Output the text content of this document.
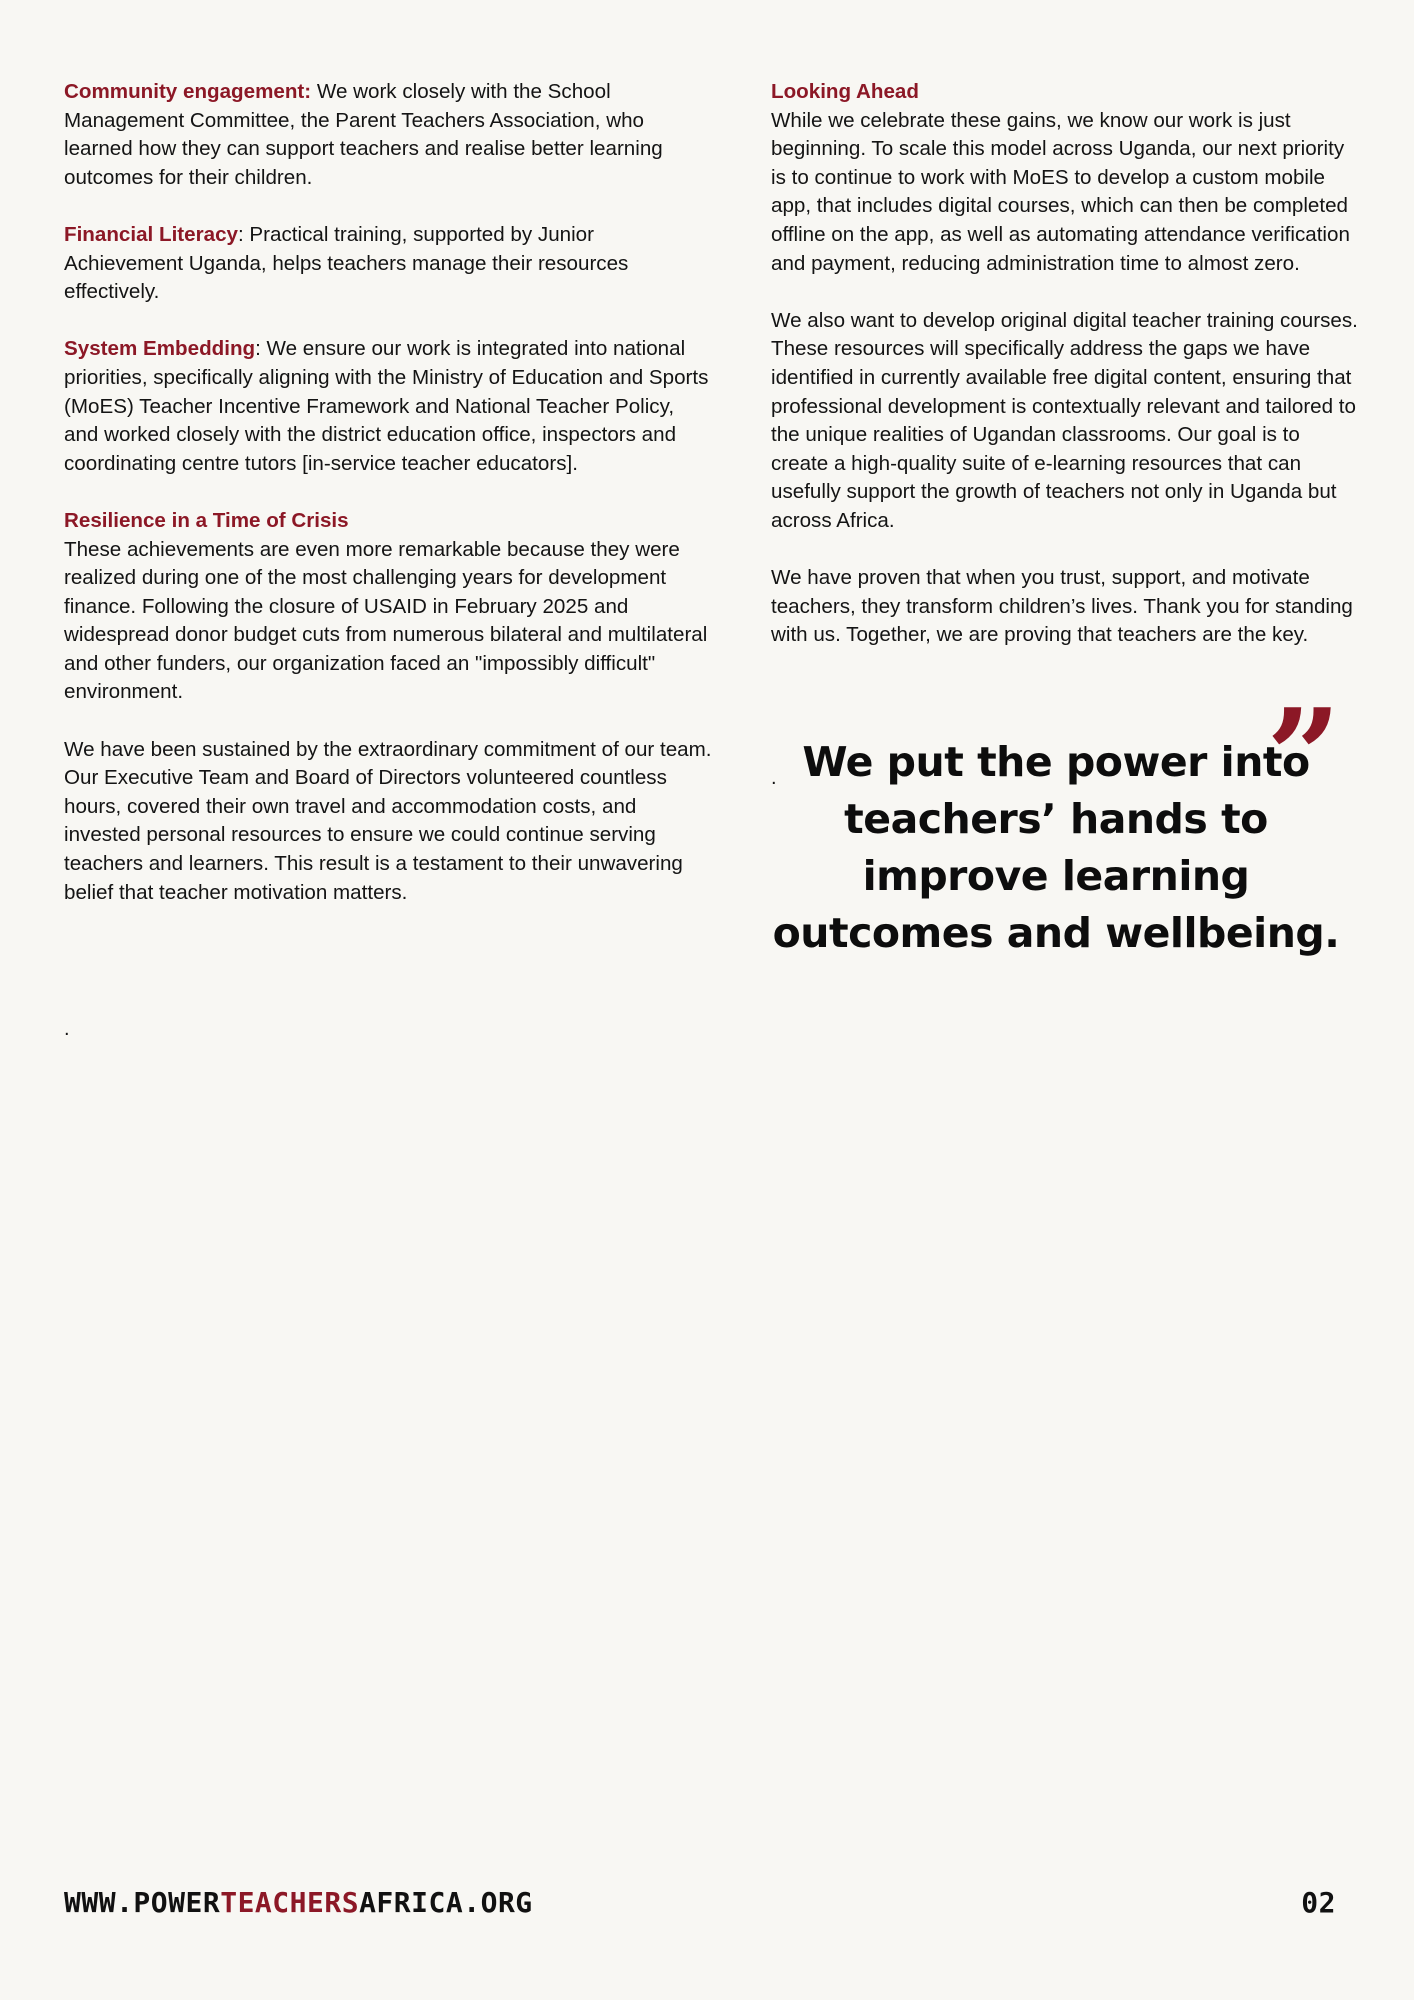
Community engagement: We work closely with the School Management Committee, the Parent Teachers Association, who learned how they can support teachers and realise better learning outcomes for their children.

Financial Literacy: Practical training, supported by Junior Achievement Uganda, helps teachers manage their resources effectively.

System Embedding: We ensure our work is integrated into national priorities, specifically aligning with the Ministry of Education and Sports (MoES) Teacher Incentive Framework and National Teacher Policy, and worked closely with the district education office, inspectors and coordinating centre tutors [in-service teacher educators].

Resilience in a Time of Crisis
These achievements are even more remarkable because they were realized during one of the most challenging years for development finance. Following the closure of USAID in February 2025 and widespread donor budget cuts from numerous bilateral and multilateral and other funders, our organization faced an "impossibly difficult" environment.

We have been sustained by the extraordinary commitment of our team. Our Executive Team and Board of Directors volunteered countless hours, covered their own travel and accommodation costs, and invested personal resources to ensure we could continue serving teachers and learners. This result is a testament to their unwavering belief that teacher motivation matters.

.

Looking Ahead
While we celebrate these gains, we know our work is just beginning. To scale this model across Uganda, our next priority is to continue to work with MoES to develop a custom mobile app, that includes digital courses, which can then be completed offline on the app, as well as automating attendance verification and payment, reducing administration time to almost zero.

We also want to develop original digital teacher training courses. These resources will specifically address the gaps we have identified in currently available free digital content, ensuring that professional development is contextually relevant and tailored to the unique realities of Ugandan classrooms. Our goal is to create a high-quality suite of e-learning resources that can usefully support the growth of teachers not only in Uganda but across Africa.

We have proven that when you trust, support, and motivate teachers, they transform children’s lives. Thank you for standing with us. Together, we are proving that teachers are the key.

.	”
We put the power into teachers’ hands to improve learning outcomes and wellbeing.
WWW.POWERTEACHERSAFRICA.ORG	02
